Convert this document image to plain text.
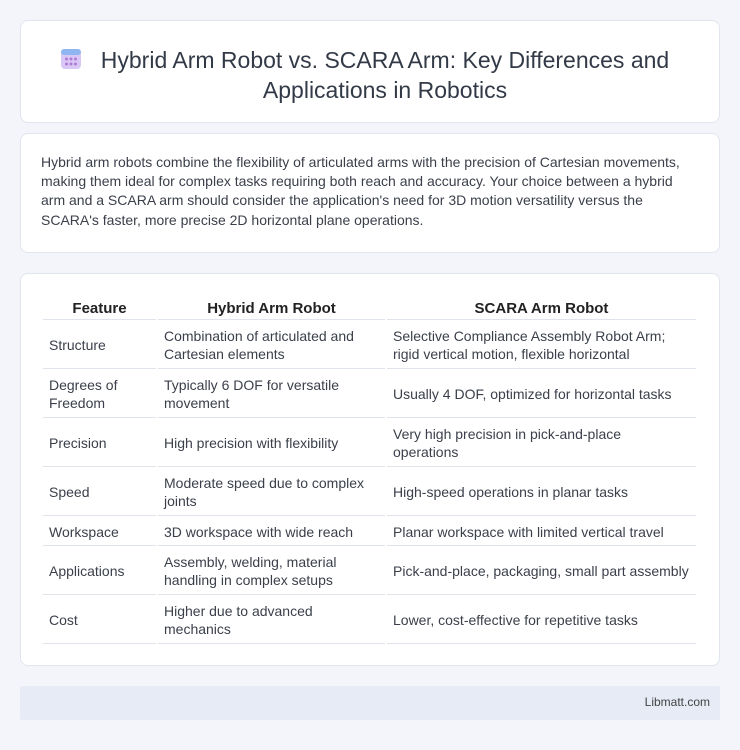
Hybrid Arm Robot vs. SCARA Arm: Key Differences and Applications in Robotics

Hybrid arm robots combine the flexibility of articulated arms with the precision of Cartesian movements, making them ideal for complex tasks requiring both reach and accuracy. Your choice between a hybrid arm and a SCARA arm should consider the application's need for 3D motion versatility versus the SCARA's faster, more precise 2D horizontal plane operations.

Feature	Hybrid Arm Robot	SCARA Arm Robot
Structure	Combination of articulated and Cartesian elements	Selective Compliance Assembly Robot Arm; rigid vertical motion, flexible horizontal
Degrees of Freedom	Typically 6 DOF for versatile movement	Usually 4 DOF, optimized for horizontal tasks
Precision	High precision with flexibility	Very high precision in pick-and-place operations
Speed	Moderate speed due to complex joints	High-speed operations in planar tasks
Workspace	3D workspace with wide reach	Planar workspace with limited vertical travel
Applications	Assembly, welding, material handling in complex setups	Pick-and-place, packaging, small part assembly
Cost	Higher due to advanced mechanics	Lower, cost-effective for repetitive tasks
Libmatt.com
